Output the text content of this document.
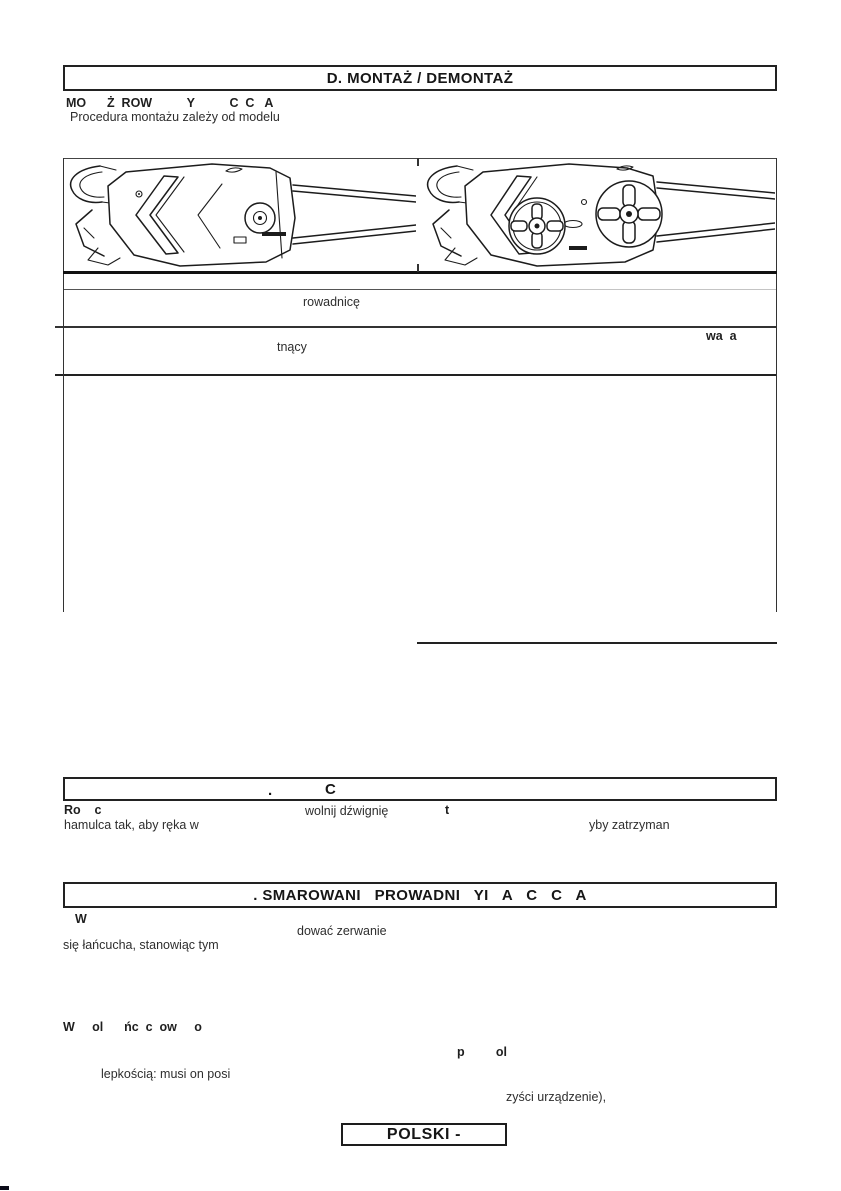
D. MONTAŻ / DEMONTAŻ
MO      Ż  ROW          Y          C  C   A
Procedura montażu zależy od modelu
rowadnicę
wa  a
tnący
.	C
Ro    c	wolnij dźwignię	t
hamulca tak, aby ręka w	yby zatrzyman
. SMAROWANI   PROWADNI   YI   A   C   C   A
W
dować zerwanie
się łańcucha, stanowiąc tym
W     ol      ńc  c  ow     o
p         ol
lepkością: musi on posi
zyści urządzenie),
POLSKI -
